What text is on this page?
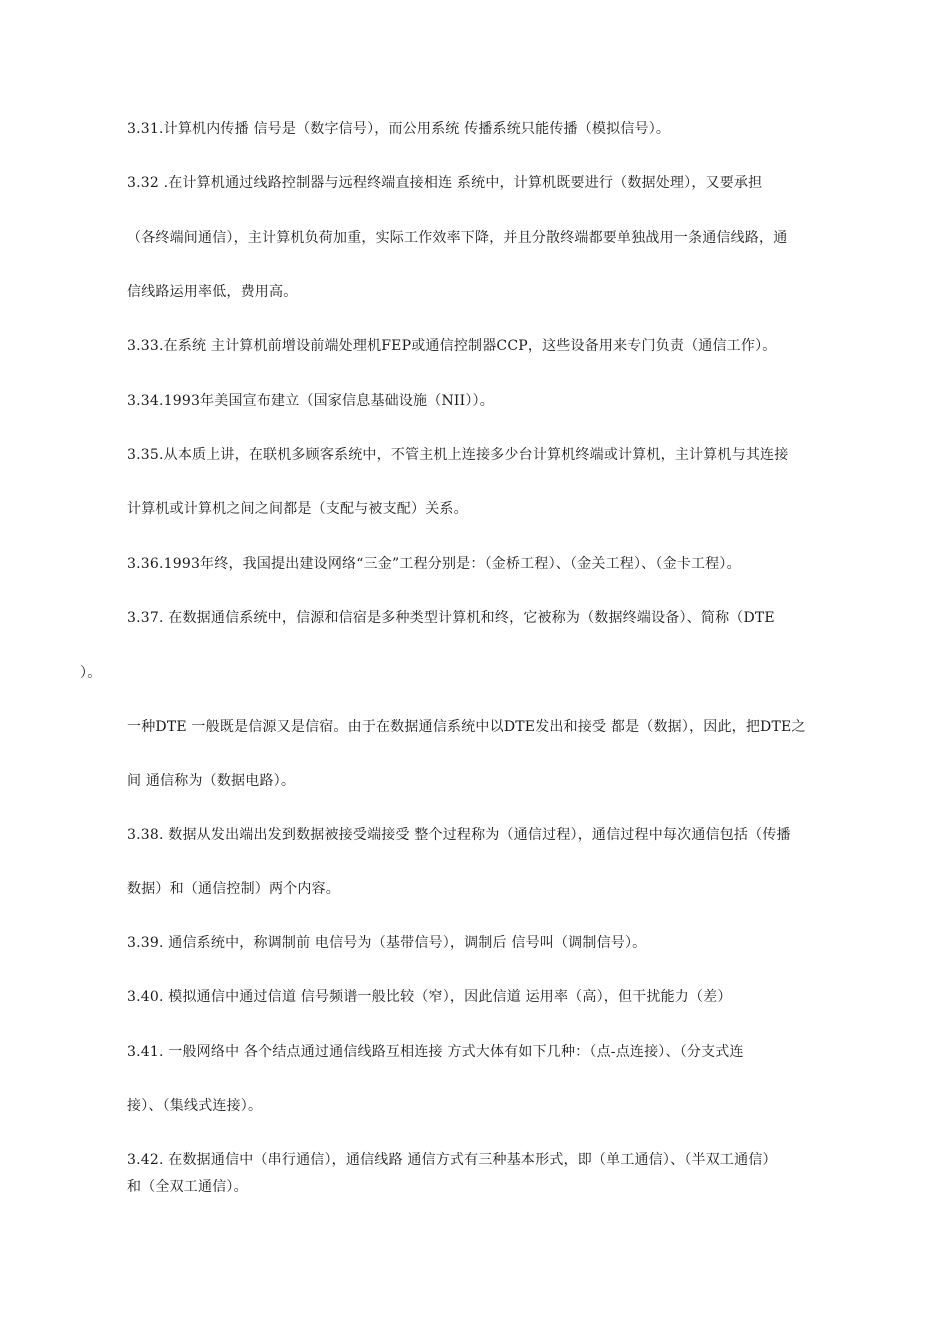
3.31.计算机内传播 信号是（数字信号），而公用系统 传播系统只能传播（模拟信号）。
3.32 .在计算机通过线路控制器与远程终端直接相连 系统中，计算机既要进行（数据处理），又要承担
（各终端间通信），主计算机负荷加重，实际工作效率下降，并且分散终端都要单独战用一条通信线路，通
信线路运用率低，费用高。
3.33.在系统 主计算机前增设前端处理机FEP或通信控制器CCP，这些设备用来专门负责（通信工作）。
3.34.1993年美国宣布建立（国家信息基础设施（NII））。
3.35.从本质上讲，在联机多顾客系统中，不管主机上连接多少台计算机终端或计算机，主计算机与其连接
计算机或计算机之间之间都是（支配与被支配）关系。
3.36.1993年终，我国提出建设网络“三金”工程分别是：（金桥工程）、（金关工程）、（金卡工程）。
3.37. 在数据通信系统中，信源和信宿是多种类型计算机和终，它被称为（数据终端设备）、简称（DTE
）。
一种DTE 一般既是信源又是信宿。由于在数据通信系统中以DTE发出和接受 都是（数据），因此，把DTE之
间 通信称为（数据电路）。
3.38. 数据从发出端出发到数据被接受端接受 整个过程称为（通信过程），通信过程中每次通信包括（传播
数据）和（通信控制）两个内容。
3.39. 通信系统中，称调制前 电信号为（基带信号），调制后 信号叫（调制信号）。
3.40. 模拟通信中通过信道 信号频谱一般比较（窄），因此信道 运用率（高），但干扰能力（差）
3.41. 一般网络中 各个结点通过通信线路互相连接 方式大体有如下几种：（点-点连接）、（分支式连
接）、（集线式连接）。
3.42. 在数据通信中（串行通信），通信线路 通信方式有三种基本形式，即（单工通信）、（半双工通信）
和（全双工通信）。
